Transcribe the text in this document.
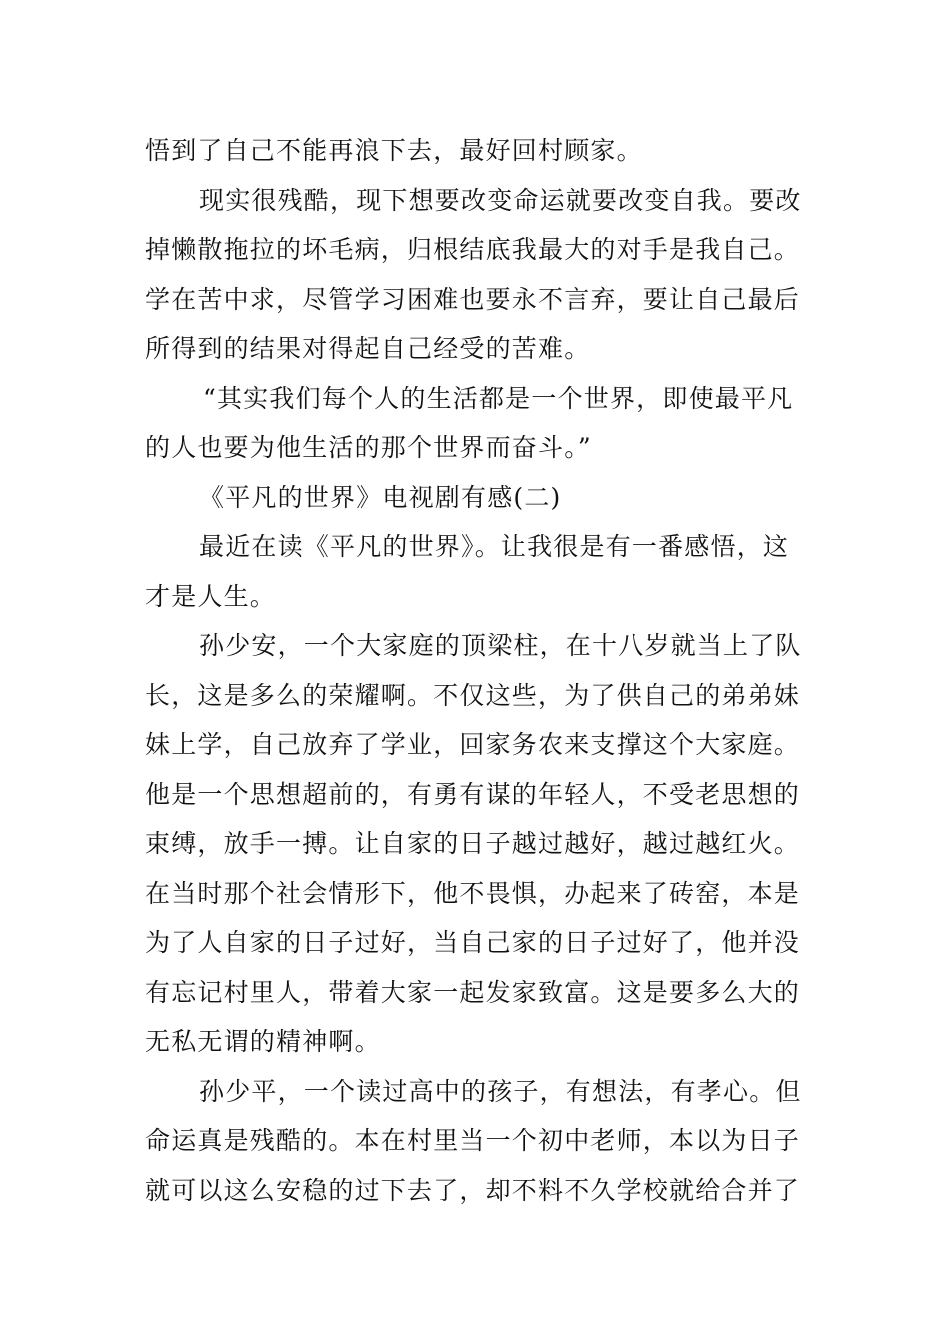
悟到了自己不能再浪下去，最好回村顾家。
现实很残酷，现下想要改变命运就要改变自我。要改
掉懒散拖拉的坏毛病，归根结底我最大的对手是我自己。
学在苦中求，尽管学习困难也要永不言弃，要让自己最后
所得到的结果对得起自己经受的苦难。
“其实我们每个人的生活都是一个世界，即使最平凡
的人也要为他生活的那个世界而奋斗。”
《平凡的世界》电视剧有感(二)
最近在读《平凡的世界》。让我很是有一番感悟，这
才是人生。
孙少安，一个大家庭的顶梁柱，在十八岁就当上了队
长，这是多么的荣耀啊。不仅这些，为了供自己的弟弟妹
妹上学，自己放弃了学业，回家务农来支撑这个大家庭。
他是一个思想超前的，有勇有谋的年轻人，不受老思想的
束缚，放手一搏。让自家的日子越过越好，越过越红火。
在当时那个社会情形下，他不畏惧，办起来了砖窑，本是
为了人自家的日子过好，当自己家的日子过好了，他并没
有忘记村里人，带着大家一起发家致富。这是要多么大的
无私无谓的精神啊。
孙少平，一个读过高中的孩子，有想法，有孝心。但
命运真是残酷的。本在村里当一个初中老师，本以为日子
就可以这么安稳的过下去了，却不料不久学校就给合并了
